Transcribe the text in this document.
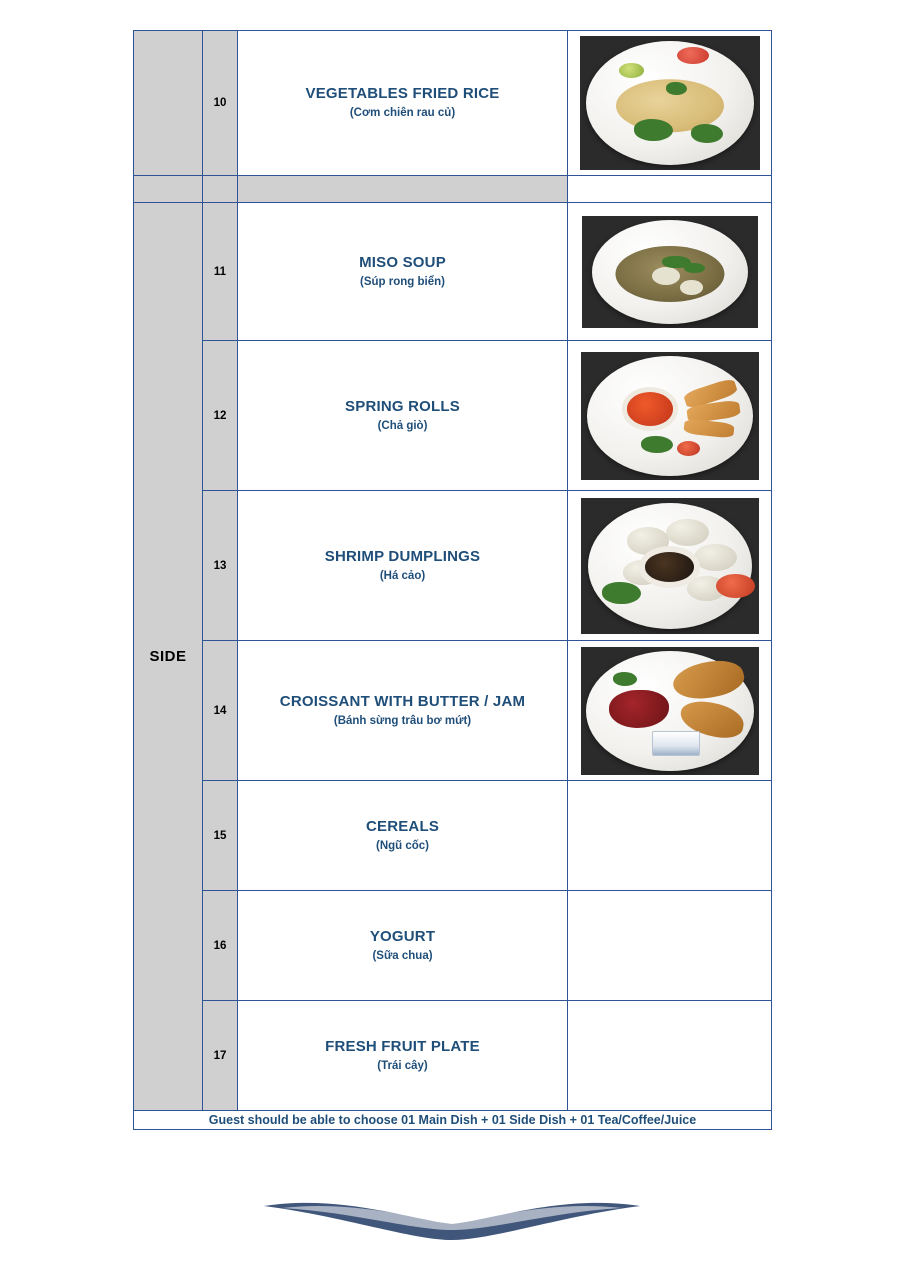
	10	VEGETABLES FRIED RICE
(Cơm chiên rau củ)	

SIDE	11	MISO SOUP
(Súp rong biển)	

	12	SPRING ROLLS
(Chả giò)	

	13	SHRIMP DUMPLINGS
(Há cảo)	

	14	CROISSANT WITH BUTTER / JAM
(Bánh sừng trâu bơ mứt)	

	15	CEREALS
(Ngũ cốc)	

	16	YOGURT
(Sữa chua)	

	17	FRESH FRUIT PLATE
(Trái cây)	

Guest should be able to choose 01 Main Dish + 01 Side Dish + 01 Tea/Coffee/Juice			
